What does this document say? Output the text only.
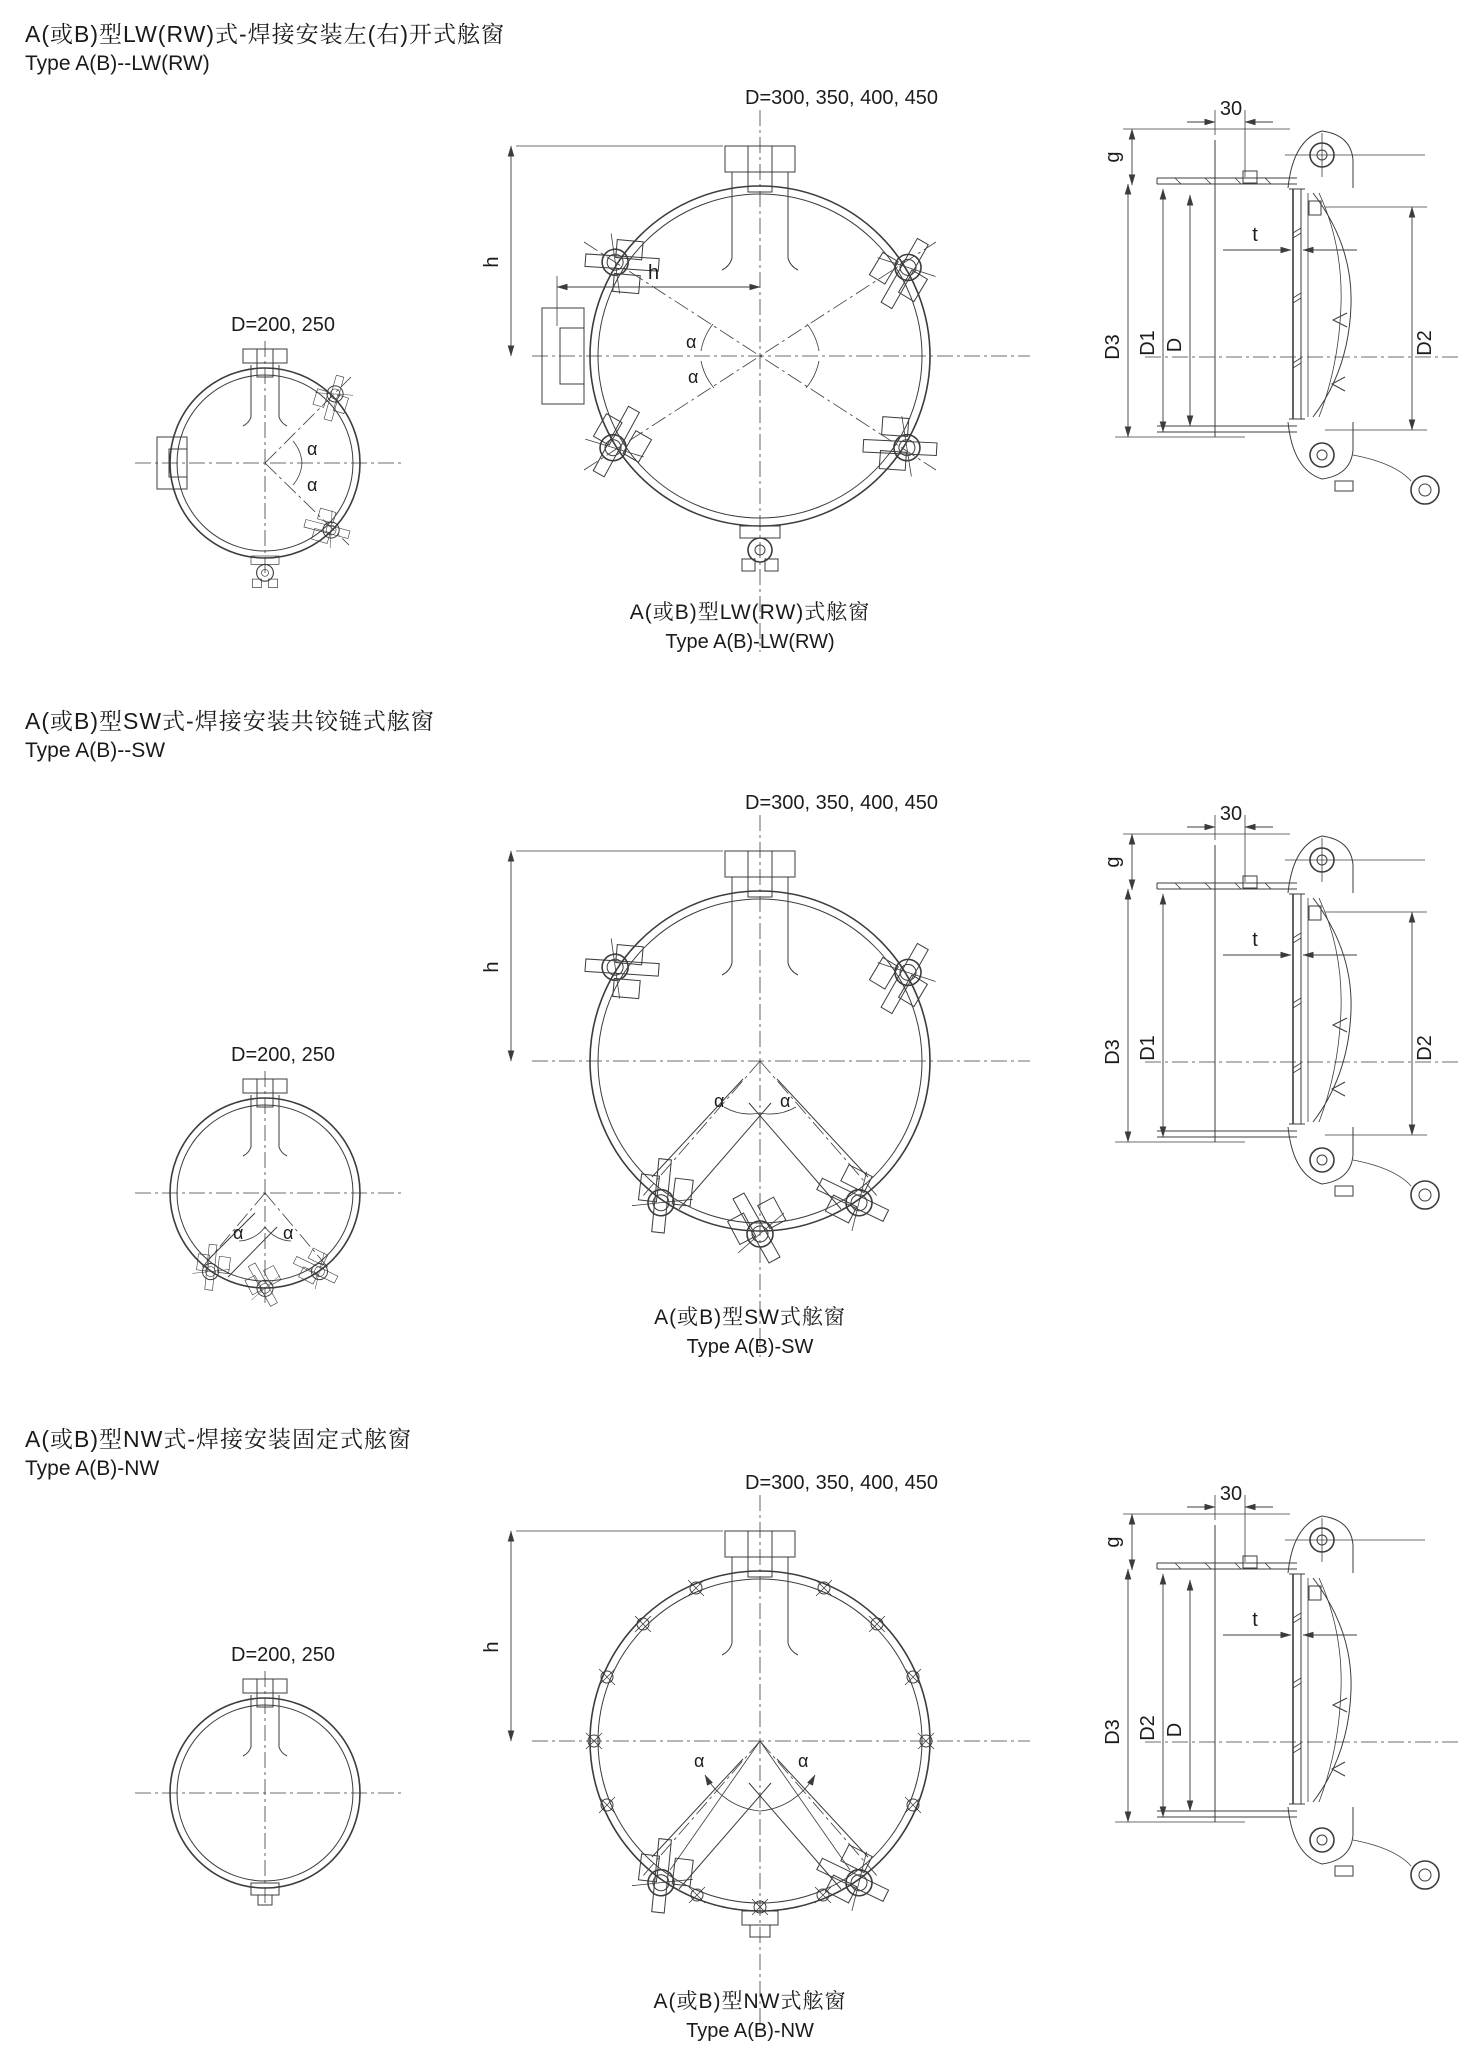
A(或B)型LW(RW)式-焊接安装左(右)开式舷窗
Type A(B)--LW(RW)
D=200, 250
α
α
D=300, 350, 400, 450
α
α
h	h
30
g
t
D3 D1 D	D2
A(或B)型LW(RW)式舷窗
Type A(B)-LW(RW)
A(或B)型SW式-焊接安装共铰链式舷窗
Type A(B)--SW
D=200, 250
α α
D=300, 350, 400, 450
α	α
h
30
g
t
D3 D1	D2
A(或B)型SW式舷窗
Type A(B)-SW
A(或B)型NW式-焊接安装固定式舷窗
Type A(B)-NW
D=200, 250
D=300, 350, 400, 450
α	α
h
30
g
t
D3 D2 D
A(或B)型NW式舷窗
Type A(B)-NW
